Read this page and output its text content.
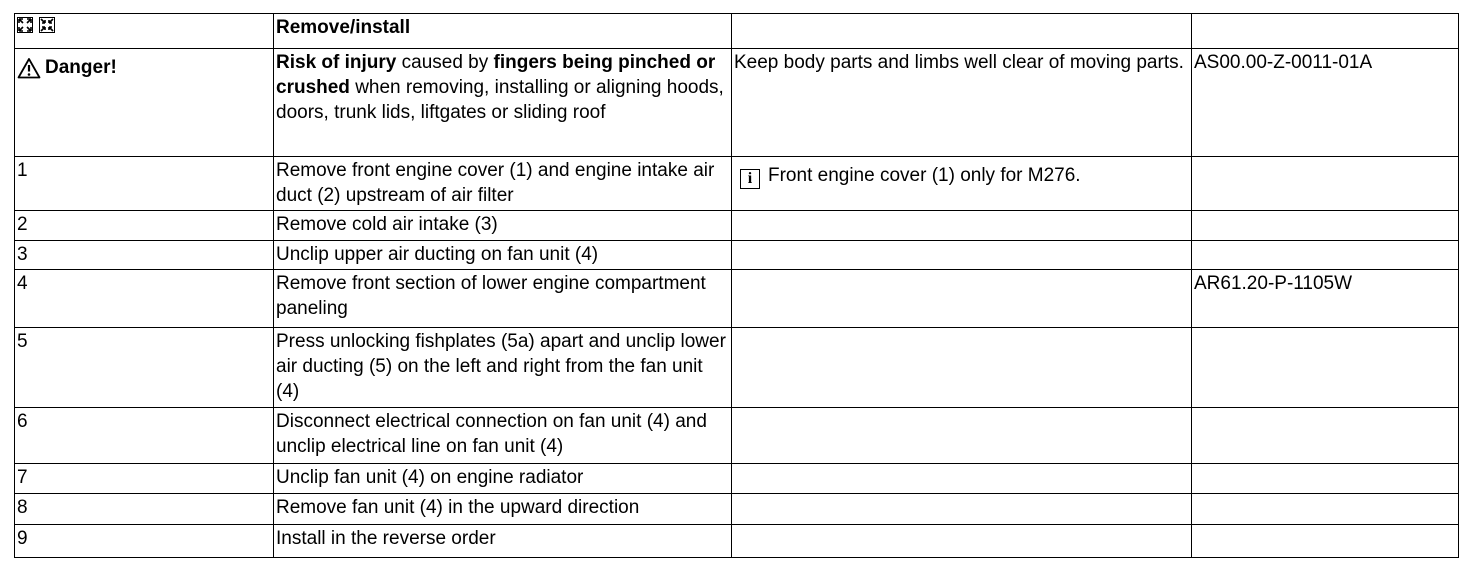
	Remove/install		

Danger!	Risk of injury caused by fingers being pinched or crushed when removing, installing or aligning hoods, doors, trunk lids, liftgates or sliding roof	Keep body parts and limbs well clear of moving parts.	AS00.00-Z-0011-01A
1	Remove front engine cover (1) and engine intake air duct (2) upstream of air filter	i Front engine cover (1) only for M276.	
2	Remove cold air intake (3)		
3	Unclip upper air ducting on fan unit (4)		
4	Remove front section of lower engine compartment paneling		AR61.20-P-1105W
5	Press unlocking fishplates (5a) apart and unclip lower air ducting (5) on the left and right from the fan unit (4)		
6	Disconnect electrical connection on fan unit (4) and unclip electrical line on fan unit (4)		
7	Unclip fan unit (4) on engine radiator		
8	Remove fan unit (4) in the upward direction		
9	Install in the reverse order		
